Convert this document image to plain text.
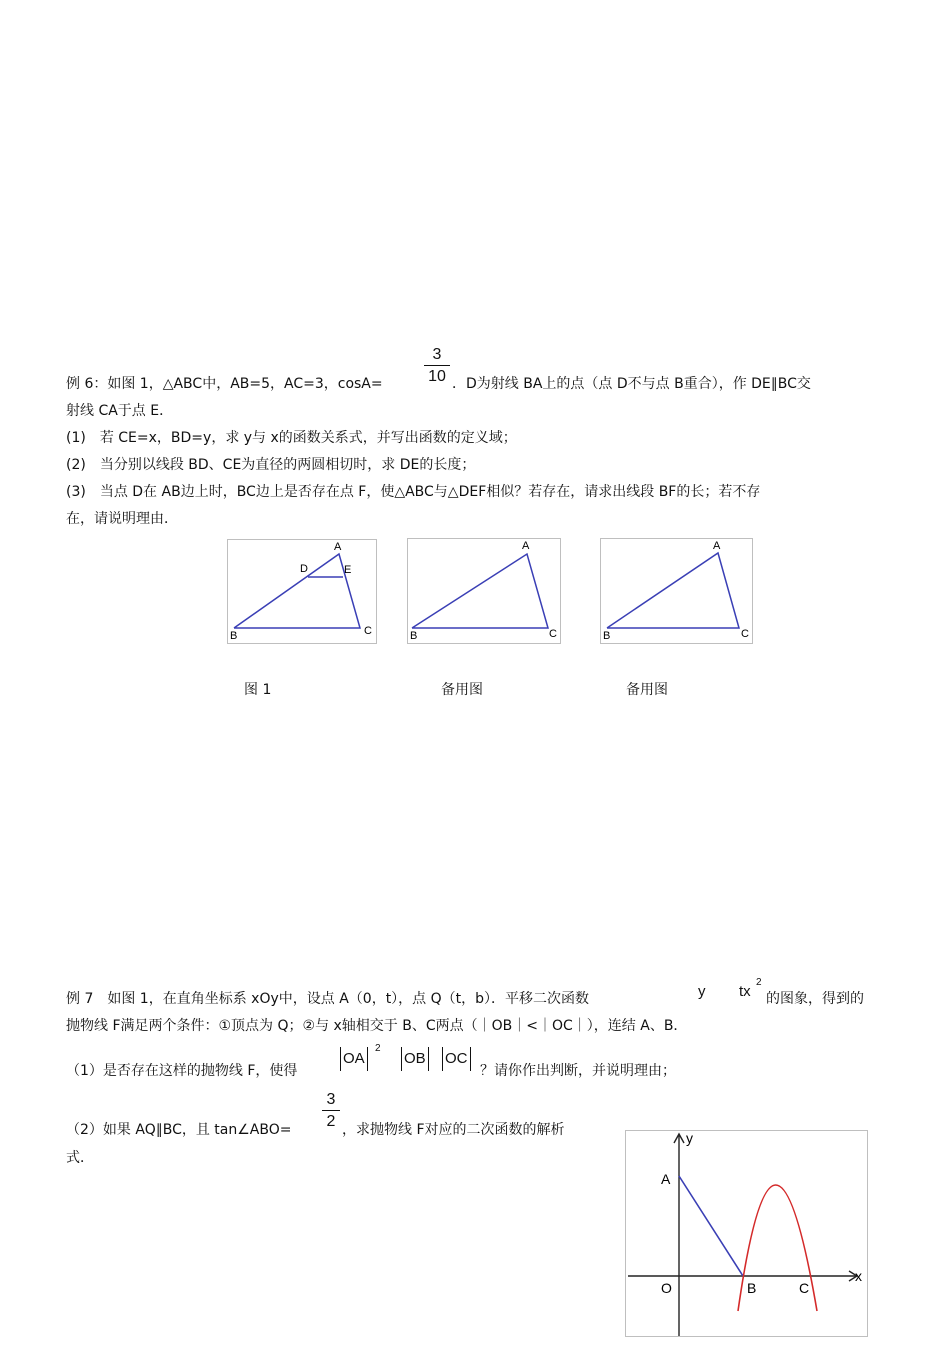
3
10
例 6：如图 1，△ABC中，AB=5，AC=3，cosA=	．D为射线 BA上的点（点 D不与点 B重合），作 DE∥BC交
射线 CA于点 E．
(1)　若 CE=x，BD=y，求 y与 x的函数关系式，并写出函数的定义域；
(2)　当分别以线段 BD、CE为直径的两圆相切时，求 DE的长度；
(3)　当点 D在 AB边上时，BC边上是否存在点 F，使△ABC与△DEF相似？若存在，请求出线段 BF的长；若不存
在，请说明理由．
A
D	E
B	C
A
B	C
A
B	C
图 1	备用图	备用图
y tx
2
例 7　如图 1，在直角坐标系 xOy中，设点 A（0，t），点 Q（t，b）．平移二次函数	的图象，得到的
抛物线 F满足两个条件：①顶点为 Q；②与 x轴相交于 B、C两点（｜OB｜<｜OC｜），连结 A、B．
（1）是否存在这样的抛物线 F，使得
OA
2
OB OC
？请你作出判断，并说明理由；
3
2
（2）如果 AQ∥BC，且 tan∠ABO=	，求抛物线 F对应的二次函数的解析
式．
y
x
A
O	B	C
